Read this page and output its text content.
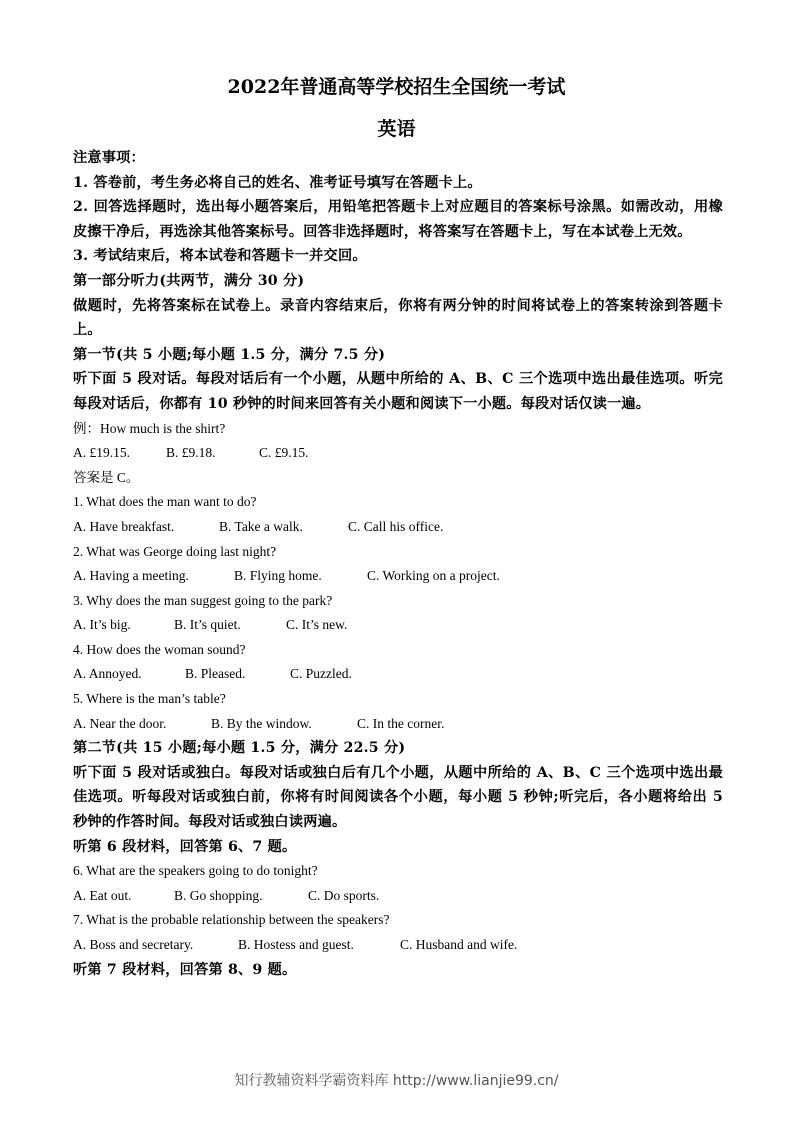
2022年普通高等学校招生全国统一考试
英语
注意事项：
1. 答卷前，考生务必将自己的姓名、准考证号填写在答题卡上。
2. 回答选择题时，选出每小题答案后，用铅笔把答题卡上对应题目的答案标号涂黑。如需改动，用橡皮擦干净后，再选涂其他答案标号。回答非选择题时，将答案写在答题卡上，写在本试卷上无效。
3. 考试结束后，将本试卷和答题卡一并交回。
第一部分听力(共两节，满分 30 分)
做题时，先将答案标在试卷上。录音内容结束后，你将有两分钟的时间将试卷上的答案转涂到答题卡上。
第一节(共 5 小题;每小题 1.5 分，满分 7.5 分)
听下面 5 段对话。每段对话后有一个小题，从题中所给的 A、B、C 三个选项中选出最佳选项。听完每段对话后，你都有 10 秒钟的时间来回答有关小题和阅读下一小题。每段对话仅读一遍。
例：How much is the shirt?
A. £19.15.	B. £9.18.	C. £9.15.
答案是 C。
1. What does the man want to do?
A. Have breakfast.	B. Take a walk.	C. Call his office.
2. What was George doing last night?
A. Having a meeting.	B. Flying home.	C. Working on a project.
3. Why does the man suggest going to the park?
A. It’s big.	B. It’s quiet.	C. It’s new.
4. How does the woman sound?
A. Annoyed.	B. Pleased.	C. Puzzled.
5. Where is the man’s table?
A. Near the door.	B. By the window.	C. In the corner.
第二节(共 15 小题;每小题 1.5 分，满分 22.5 分)
听下面 5 段对话或独白。每段对话或独白后有几个小题，从题中所给的 A、B、C 三个选项中选出最佳选项。听每段对话或独白前，你将有时间阅读各个小题，每小题 5 秒钟;听完后，各小题将给出 5 秒钟的作答时间。每段对话或独白读两遍。
听第 6 段材料，回答第 6、7 题。
6. What are the speakers going to do tonight?
A. Eat out.	B. Go shopping.	C. Do sports.
7. What is the probable relationship between the speakers?
A. Boss and secretary.	B. Hostess and guest.	C. Husband and wife.
听第 7 段材料，回答第 8、9 题。
知行教辅资料学霸资料库 http://www.lianjie99.cn/
